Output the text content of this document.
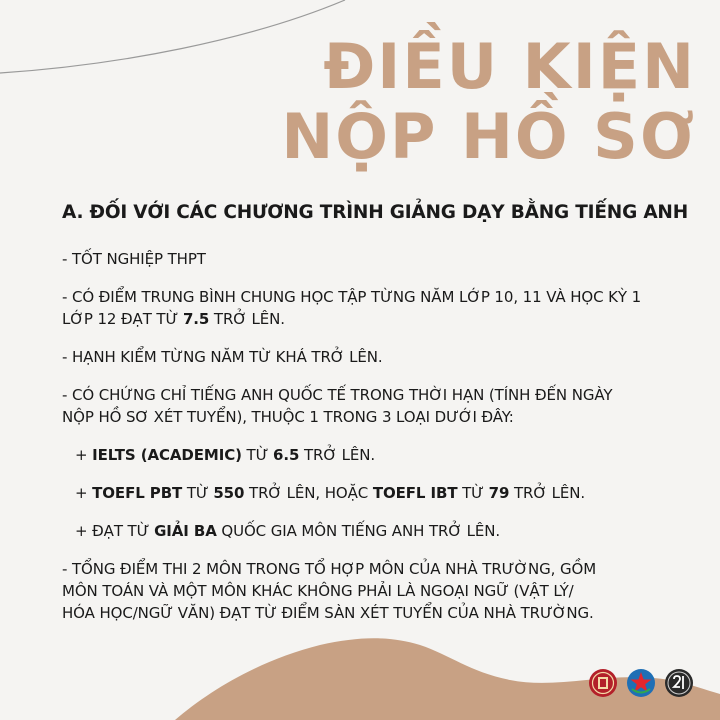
ĐIỀU KIỆN
NỘP HỒ SƠ
A. ĐỐI VỚI CÁC CHƯƠNG TRÌNH GIẢNG DẠY BẰNG TIẾNG ANH

- TỐT NGHIỆP THPT

- CÓ ĐIỂM TRUNG BÌNH CHUNG HỌC TẬP TỪNG NĂM LỚP 10, 11 VÀ HỌC KỲ 1
LỚP 12 ĐẠT TỪ 7.5 TRỞ LÊN.

- HẠNH KIỂM TỪNG NĂM TỪ KHÁ TRỞ LÊN.

- CÓ CHỨNG CHỈ TIẾNG ANH QUỐC TẾ TRONG THỜI HẠN (TÍNH ĐẾN NGÀY
NỘP HỒ SƠ XÉT TUYỂN), THUỘC 1 TRONG 3 LOẠI DƯỚI ĐÂY:

+ IELTS (ACADEMIC) TỪ 6.5 TRỞ LÊN.

+ TOEFL PBT TỪ 550 TRỞ LÊN, HOẶC TOEFL IBT TỪ 79 TRỞ LÊN.

+ ĐẠT TỪ GIẢI BA QUỐC GIA MÔN TIẾNG ANH TRỞ LÊN.

- TỔNG ĐIỂM THI 2 MÔN TRONG TỔ HỢP MÔN CỦA NHÀ TRƯỜNG, GỒM
MÔN TOÁN VÀ MỘT MÔN KHÁC KHÔNG PHẢI LÀ NGOẠI NGỮ (VẬT LÝ/
HÓA HỌC/NGỮ VĂN) ĐẠT TỪ ĐIỂM SÀN XÉT TUYỂN CỦA NHÀ TRƯỜNG.
